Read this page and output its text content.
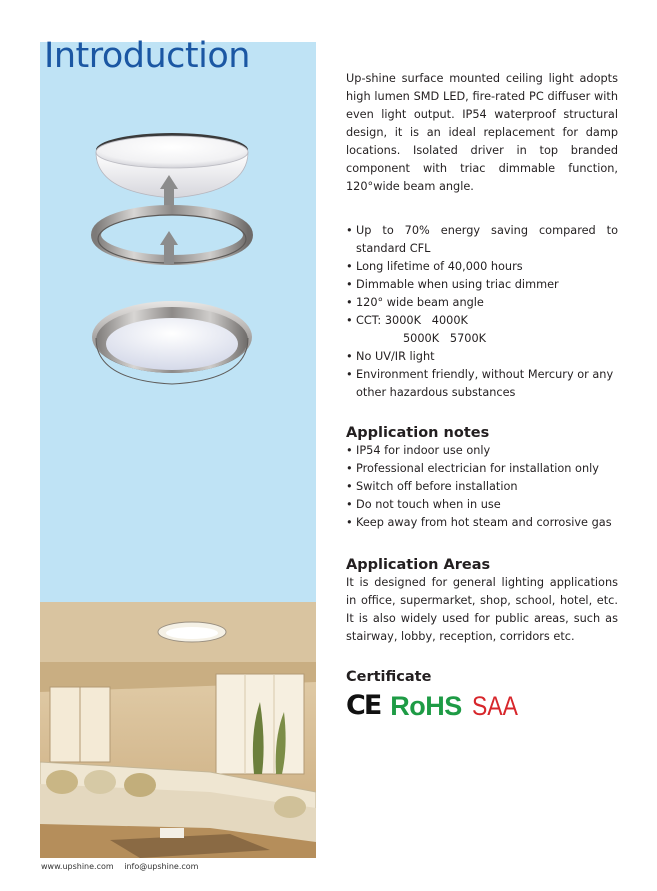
Introduction

Up-shine surface mounted ceiling light adopts high lumen SMD LED, fire-rated PC diffuser with even light output. IP54 waterproof structural design, it is an ideal replacement for damp locations. Isolated driver in top branded component with triac dimmable function, 120°wide beam angle.

• Up to 70% energy saving compared to standard CFL
• Long lifetime of 40,000 hours
• Dimmable when using triac dimmer
• 120° wide beam angle
• CCT: 3000K   4000K
5000K   5700K
• No UV/IR light
• Environment friendly, without Mercury or any other hazardous substances
Application notes
• IP54 for indoor use only
• Professional electrician for installation only
• Switch off before installation
• Do not touch when in use
• Keep away from hot steam and corrosive gas
Application Areas

It is designed for general lighting applications in office, supermarket, shop, school, hotel, etc. It is also widely used for public areas, such as stairway, lobby, reception, corridors etc.

Certificate
CE RoHS SAA
www.upshine.com info@upshine.com
